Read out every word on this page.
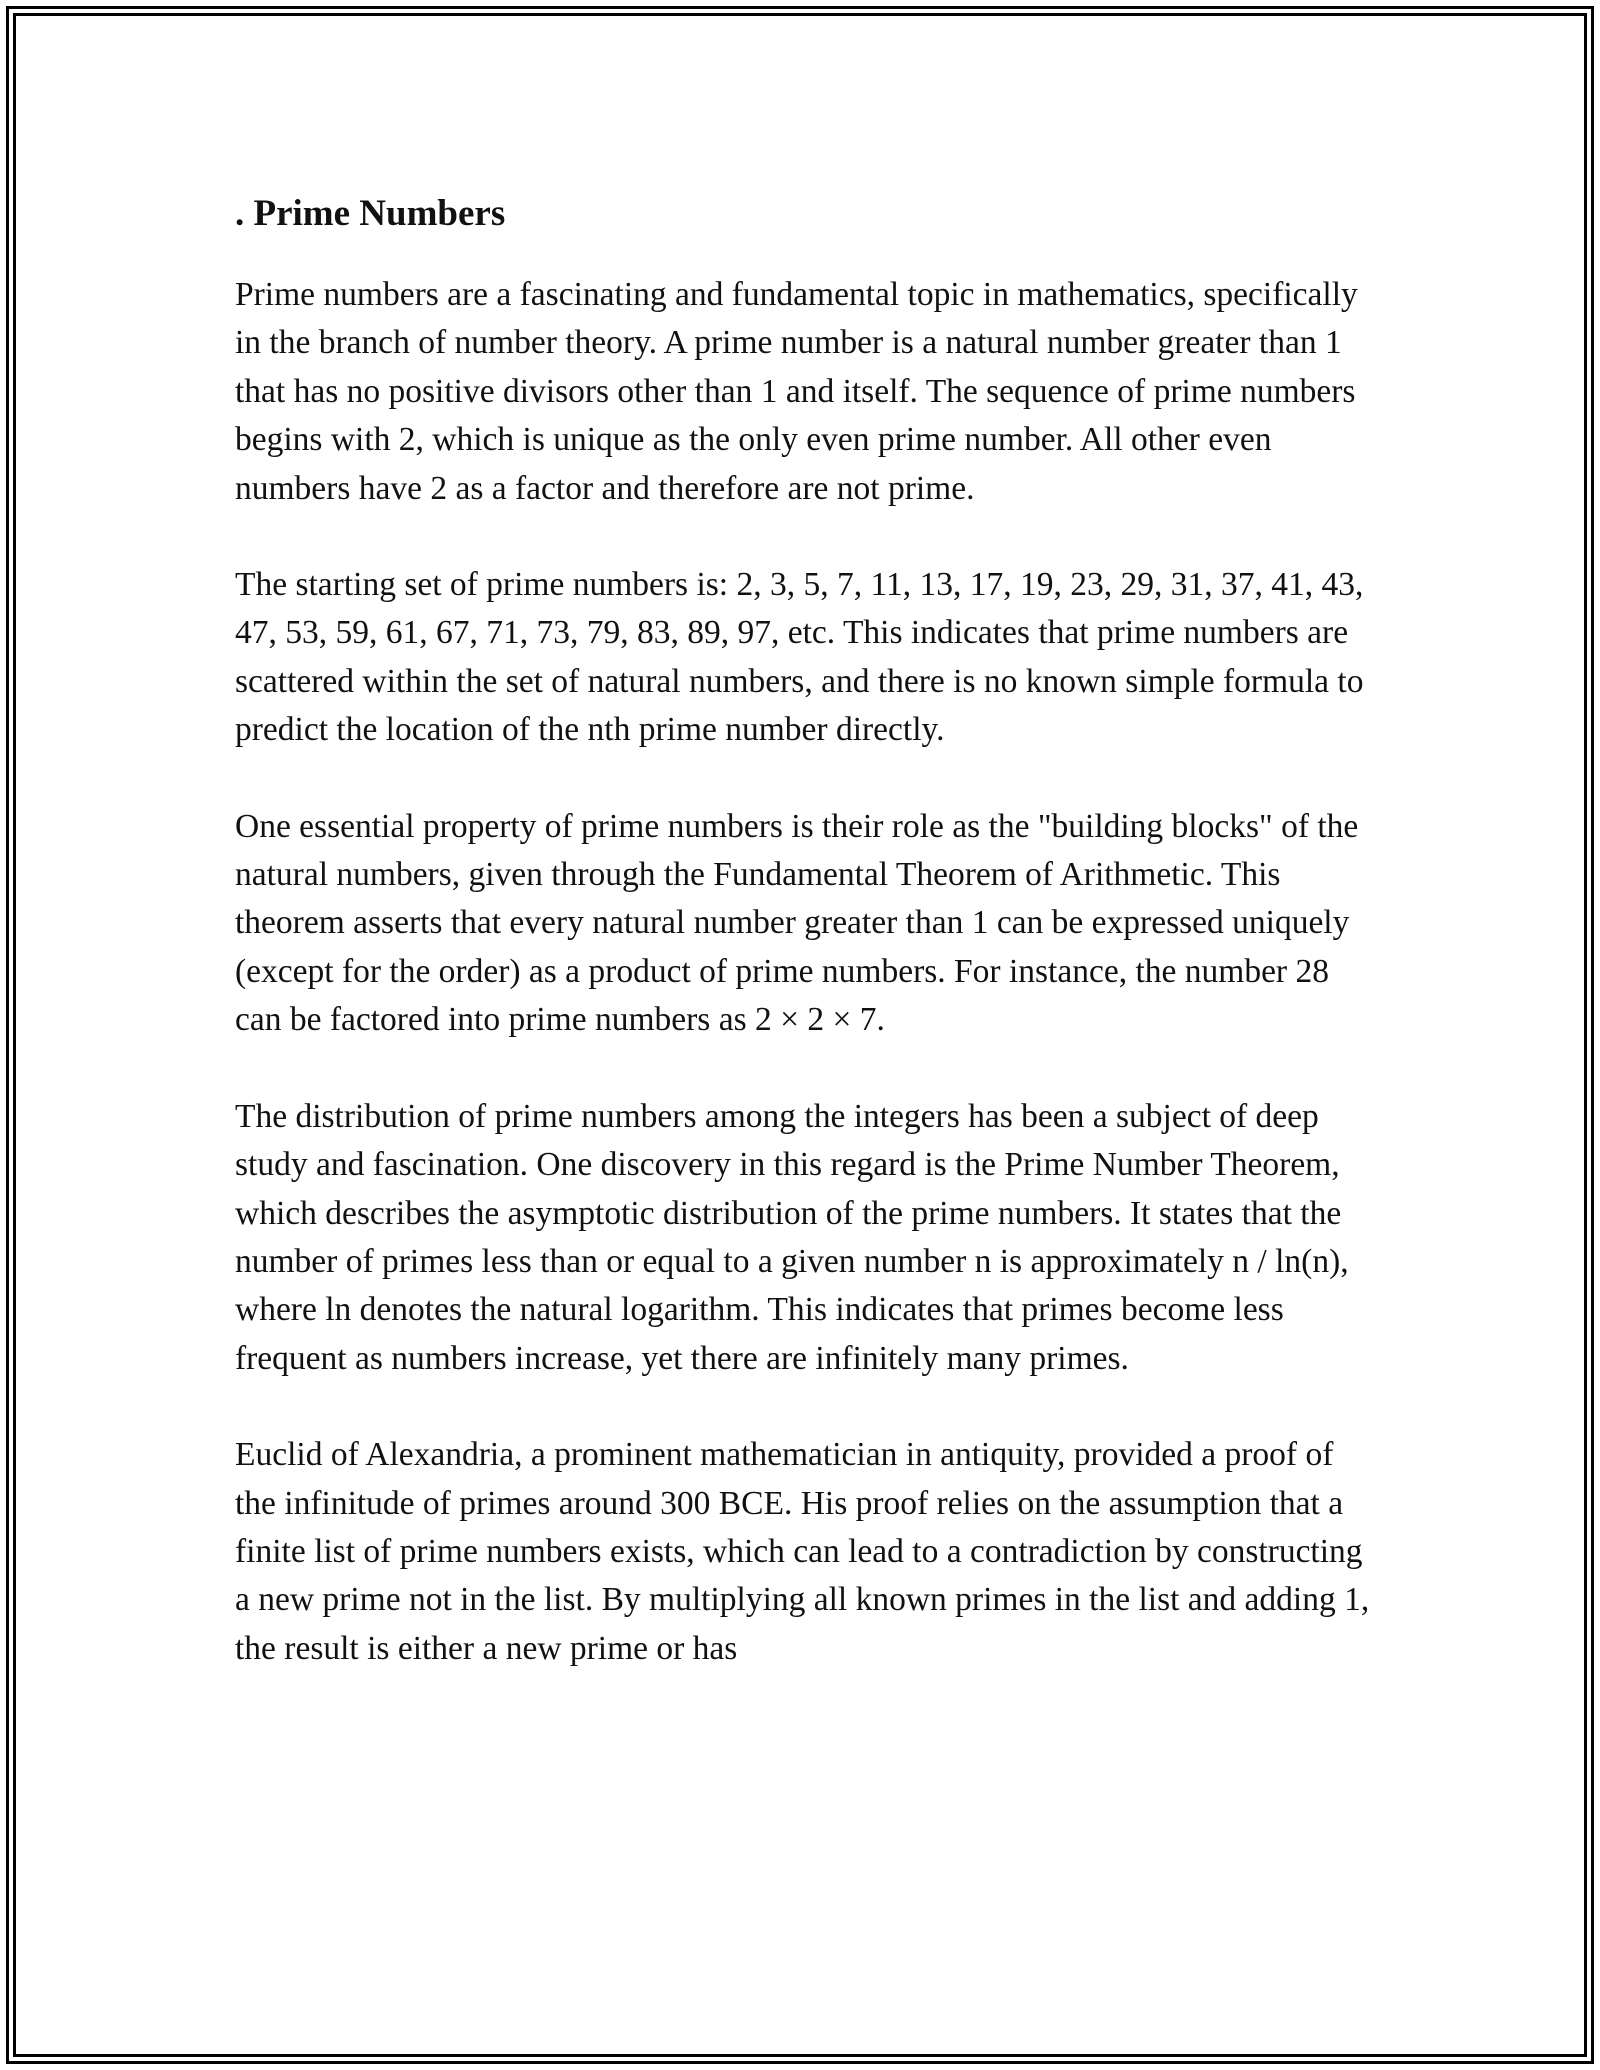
. Prime Numbers

Prime numbers are a fascinating and fundamental topic in mathematics, specifically in the branch of number theory. A prime number is a natural number greater than 1 that has no positive divisors other than 1 and itself. The sequence of prime numbers begins with 2, which is unique as the only even prime number. All other even numbers have 2 as a factor and therefore are not prime.

The starting set of prime numbers is: 2, 3, 5, 7, 11, 13, 17, 19, 23, 29, 31, 37, 41, 43, 47, 53, 59, 61, 67, 71, 73, 79, 83, 89, 97, etc. This indicates that prime numbers are scattered within the set of natural numbers, and there is no known simple formula to predict the location of the nth prime number directly.

One essential property of prime numbers is their role as the "building blocks" of the natural numbers, given through the Fundamental Theorem of Arithmetic. This theorem asserts that every natural number greater than 1 can be expressed uniquely (except for the order) as a product of prime numbers. For instance, the number 28 can be factored into prime numbers as 2 × 2 × 7.

The distribution of prime numbers among the integers has been a subject of deep study and fascination. One discovery in this regard is the Prime Number Theorem, which describes the asymptotic distribution of the prime numbers. It states that the number of primes less than or equal to a given number n is approximately n / ln(n), where ln denotes the natural logarithm. This indicates that primes become less frequent as numbers increase, yet there are infinitely many primes.

Euclid of Alexandria, a prominent mathematician in antiquity, provided a proof of the infinitude of primes around 300 BCE. His proof relies on the assumption that a finite list of prime numbers exists, which can lead to a contradiction by constructing a new prime not in the list. By multiplying all known primes in the list and adding 1, the result is either a new prime or has
